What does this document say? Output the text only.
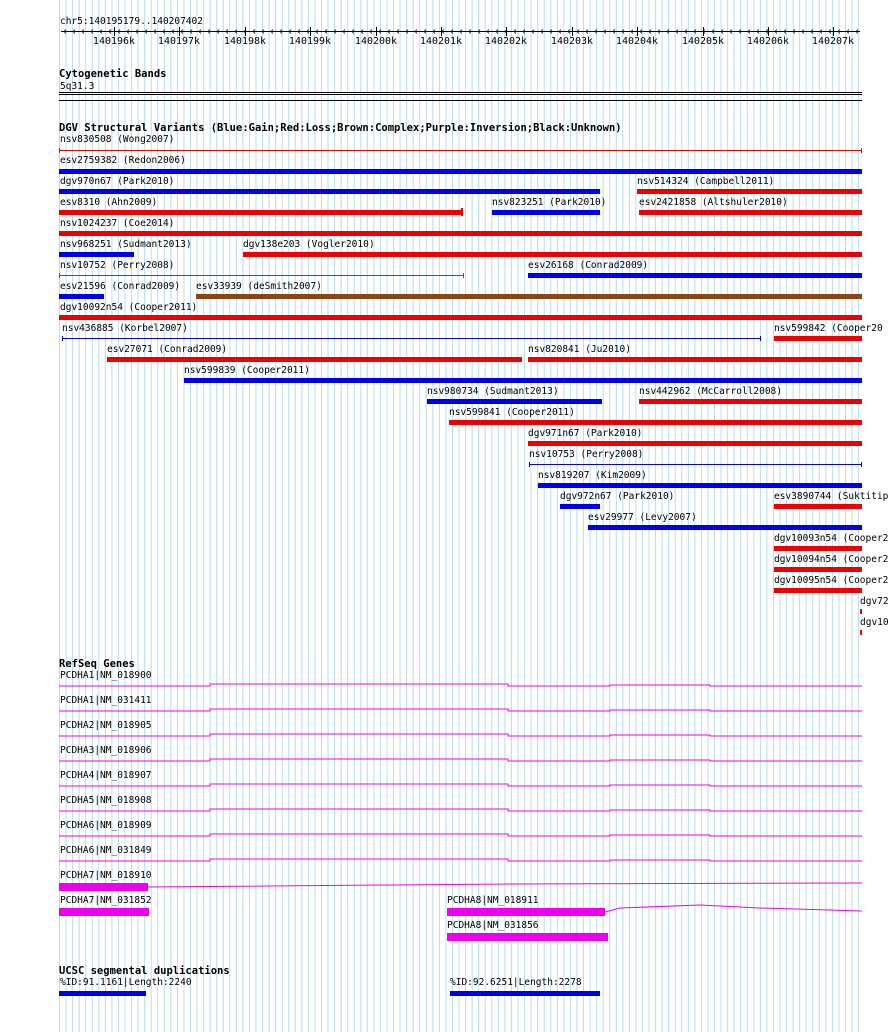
140196k 140197k 140198k 140199k 140200k 140201k 140202k 140203k 140204k 140205k 140206k 140207k
chr5:140195179..140207402
Cytogenetic Bands
5q31.3
DGV Structural Variants (Blue:Gain;Red:Loss;Brown:Complex;Purple:Inversion;Black:Unknown)
nsv830508 (Wong2007)
esv2759382 (Redon2006)
dgv970n67 (Park2010)	nsv514324 (Campbell2011)
esv8310 (Ahn2009)	nsv823251 (Park2010)	esv2421858 (Altshuler2010)
nsv1024237 (Coe2014)
nsv968251 (Sudmant2013)	dgv138e203 (Vogler2010)
nsv10752 (Perry2008)	esv26168 (Conrad2009)
esv21596 (Conrad2009) esv33939 (deSmith2007)
dgv10092n54 (Cooper2011)
nsv436885 (Korbel2007)	nsv599842 (Cooper20
esv27071 (Conrad2009)	nsv820841 (Ju2010)
nsv599839 (Cooper2011)
nsv980734 (Sudmant2013)	nsv442962 (McCarroll2008)
nsv599841 (Cooper2011)
dgv971n67 (Park2010)
nsv10753 (Perry2008)
nsv819207 (Kim2009)
dgv972n67 (Park2010)	esv3890744 (Suktitip
esv29977 (Levy2007)
dgv10093n54 (Cooper2
dgv10094n54 (Cooper2
dgv10095n54 (Cooper2
dgv72
dgv10
RefSeq Genes
PCDHA1|NM_018900
PCDHA1|NM_031411
PCDHA2|NM_018905
PCDHA3|NM_018906
PCDHA4|NM_018907
PCDHA5|NM_018908
PCDHA6|NM_018909
PCDHA6|NM_031849
PCDHA7|NM_018910
PCDHA7|NM_031852	PCDHA8|NM_018911
PCDHA8|NM_031856
UCSC segmental duplications
%ID:91.1161|Length:2240	%ID:92.6251|Length:2278
